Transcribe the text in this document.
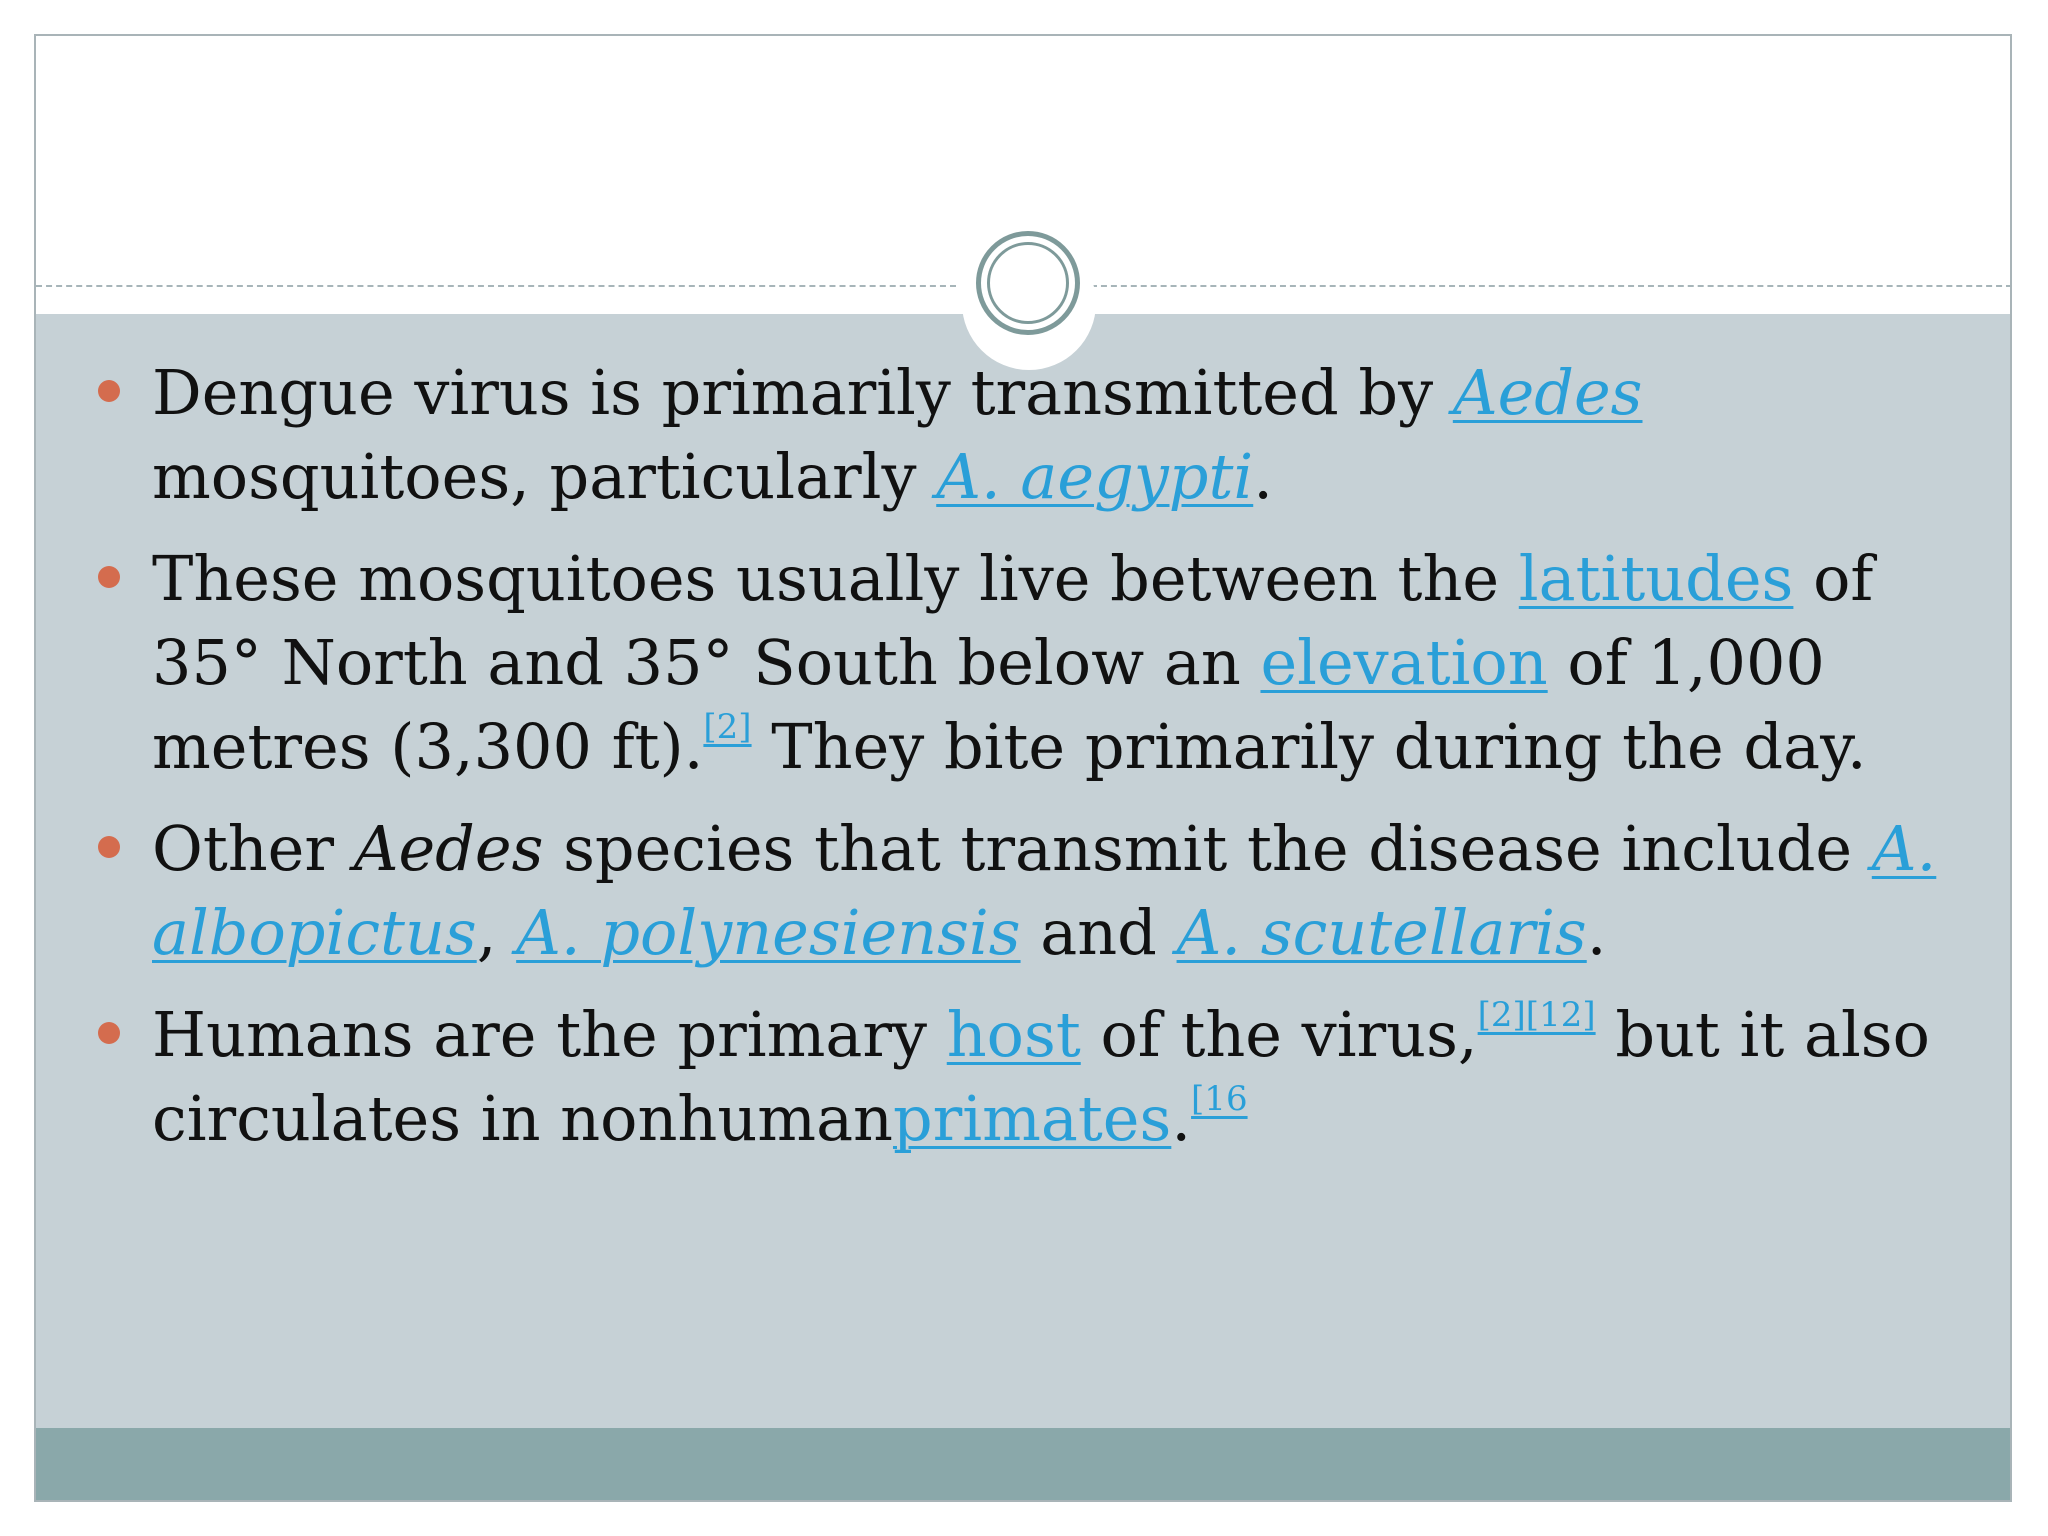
Dengue virus is primarily transmitted by Aedes mosquitoes, particularly A. aegypti.
These mosquitoes usually live between the latitudes of 35° North and 35° South below an elevation of 1,000 metres (3,300 ft).[2] They bite primarily during the day.
Other Aedes species that transmit the disease include A. albopictus, A. polynesiensis and A. scutellaris.
Humans are the primary host of the virus,[2][12] but it also circulates in nonhumanprimates.$^{[16}$
